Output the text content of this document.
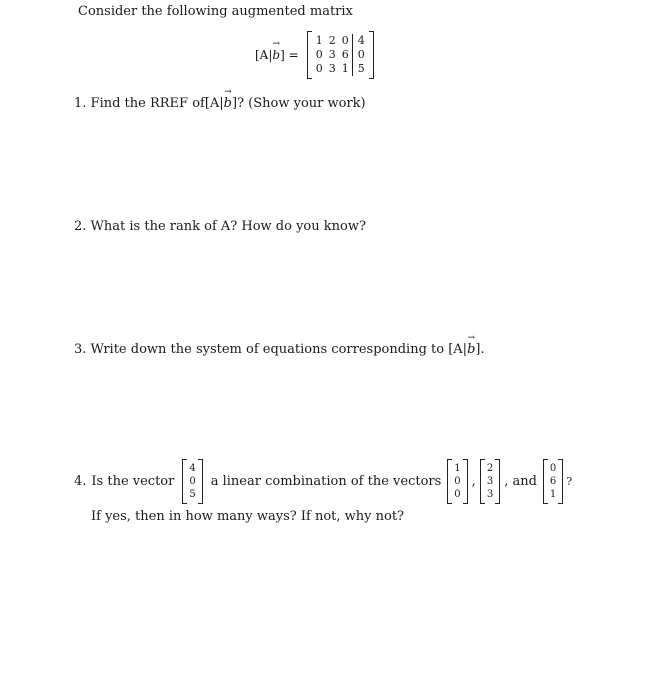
Consider the following augmented matrix
[A|→ b] =
1	2	0	4
0	3	6	0
0	3	1	5
1. Find the RREF of[A|→ b]? (Show your work)
2. What is the rank of A? How do you know?
3. Write down the system of equations corresponding to [A|→ b].
4. Is the vector
4
0
5
a linear combination of the vectors
1
0
0
,
2
3
3
, and
0
6
1
?
If yes, then in how many ways? If not, why not?
